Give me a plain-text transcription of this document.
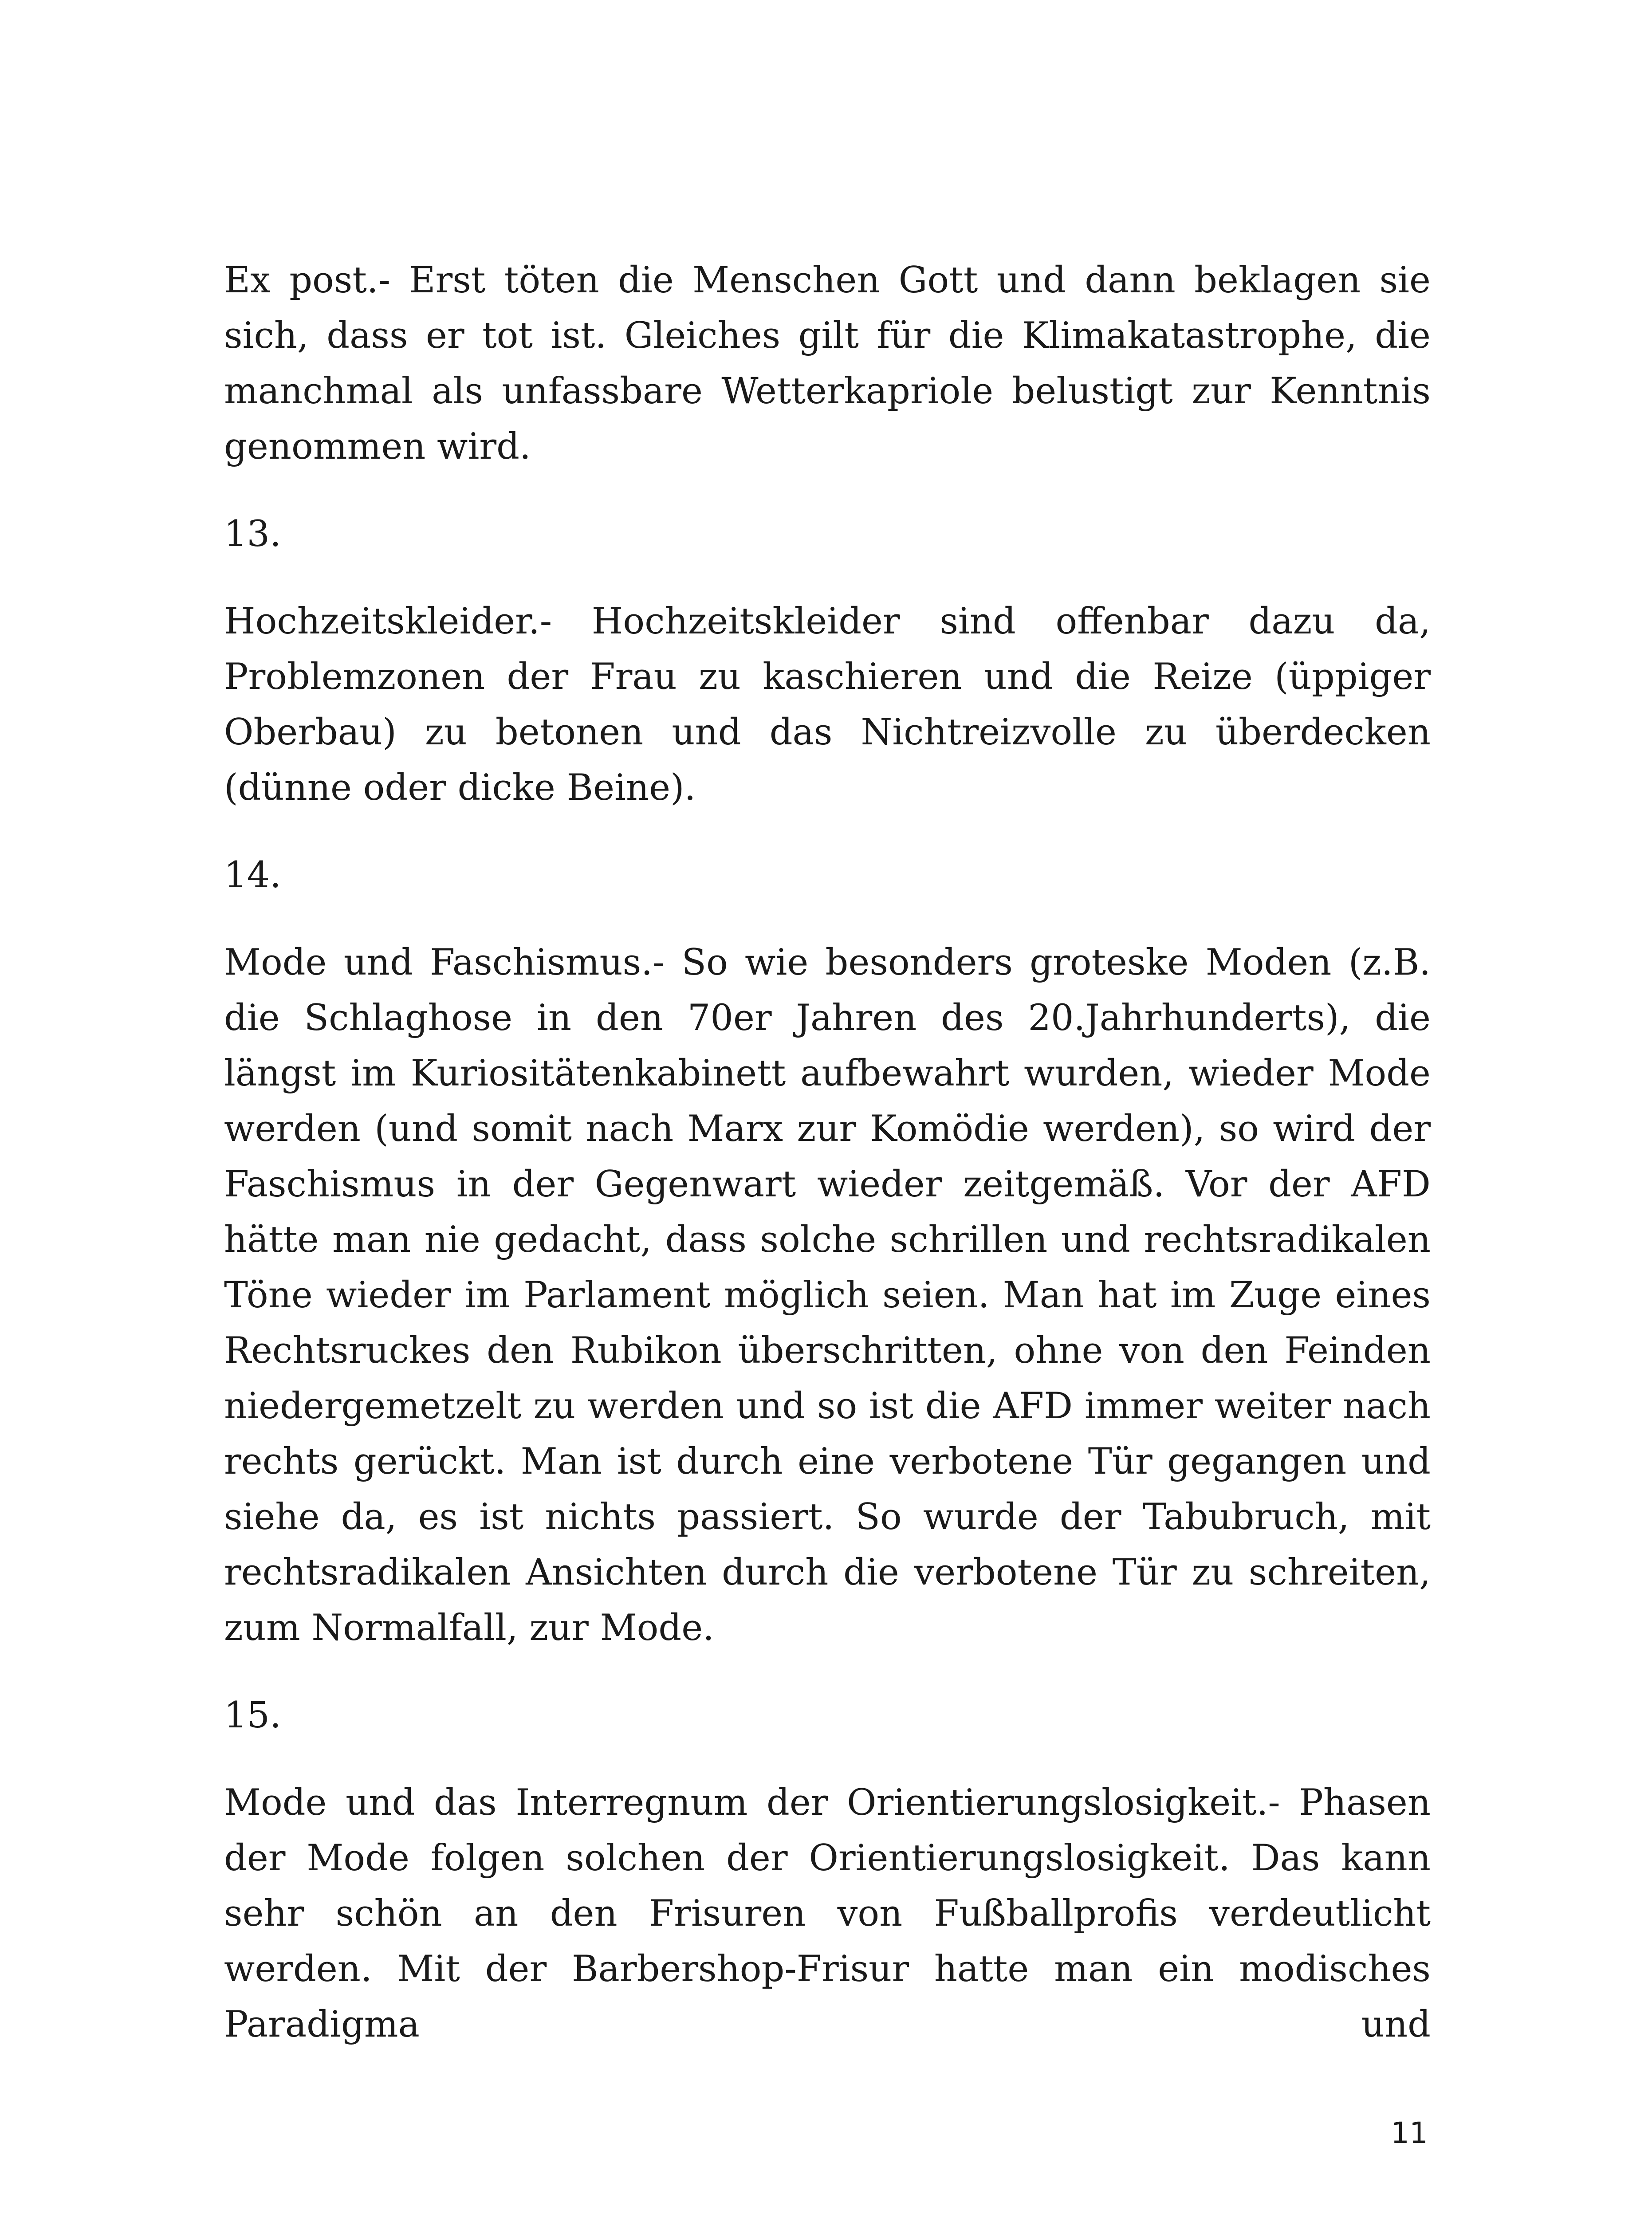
Ex post.- Erst töten die Menschen Gott und dann beklagen sie sich, dass er tot ist. Gleiches gilt für die Klimakatastrophe, die manchmal als unfassbare Wetterkapriole belustigt zur Kenntnis genommen wird.

13.

Hochzeitskleider.- Hochzeitskleider sind offenbar dazu da, Problemzonen der Frau zu kaschieren und die Reize (üppiger Oberbau) zu betonen und das Nichtreizvolle zu überdecken (dünne oder dicke Beine).

14.

Mode und Faschismus.- So wie besonders groteske Moden (z.B. die Schlaghose in den 70er Jahren des 20.Jahrhunderts), die längst im Kuriositätenkabinett aufbewahrt wurden, wieder Mode werden (und somit nach Marx zur Komödie werden), so wird der Faschismus in der Gegenwart wieder zeitgemäß. Vor der AFD hätte man nie gedacht, dass solche schrillen und rechtsradikalen Töne wieder im Parlament möglich seien. Man hat im Zuge eines Rechtsruckes den Rubikon überschritten, ohne von den Feinden niedergemetzelt zu werden und so ist die AFD immer weiter nach rechts gerückt. Man ist durch eine verbotene Tür gegangen und siehe da, es ist nichts passiert. So wurde der Tabubruch, mit rechtsradikalen Ansichten durch die verbotene Tür zu schreiten, zum Normalfall, zur Mode.

15.

Mode und das Interregnum der Orientierungslosigkeit.- Phasen der Mode folgen solchen der Orientierungslosigkeit. Das kann sehr schön an den Frisuren von Fußballprofis verdeutlicht werden. Mit der Barbershop-Frisur hatte man ein modisches Paradigma und

11
